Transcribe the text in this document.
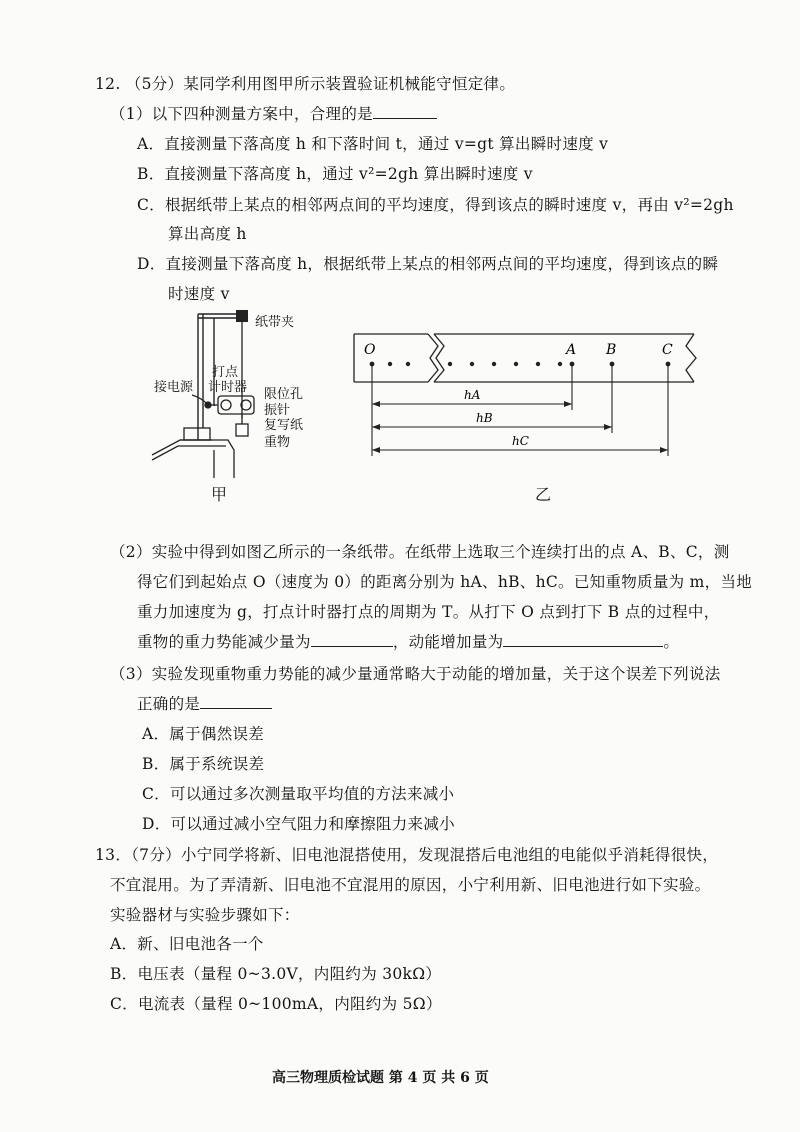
12. （5分）某同学利用图甲所示装置验证机械能守恒定律。
（1）以下四种测量方案中，合理的是
A．直接测量下落高度 h 和下落时间 t，通过 v=gt 算出瞬时速度 v
B．直接测量下落高度 h，通过 v²=2gh 算出瞬时速度 v
C．根据纸带上某点的相邻两点间的平均速度，得到该点的瞬时速度 v，再由 v²=2gh
算出高度 h
D．直接测量下落高度 h，根据纸带上某点的相邻两点间的平均速度，得到该点的瞬
时速度 v
纸带夹
打点
计时器
接电源	限位孔
振针
复写纸
重物
甲
O	A B	C
hA
hB
hC
乙
（2）实验中得到如图乙所示的一条纸带。在纸带上选取三个连续打出的点 A、B、C，测
得它们到起始点 O（速度为 0）的距离分别为 hA、hB、hC。已知重物质量为 m，当地
重力加速度为 g，打点计时器打点的周期为 T。从打下 O 点到打下 B 点的过程中，
重物的重力势能减少量为	，动能增加量为	。
（3）实验发现重物重力势能的减少量通常略大于动能的增加量，关于这个误差下列说法
正确的是
A．属于偶然误差
B．属于系统误差
C．可以通过多次测量取平均值的方法来减小
D．可以通过减小空气阻力和摩擦阻力来减小
13．（7分）小宁同学将新、旧电池混搭使用，发现混搭后电池组的电能似乎消耗得很快，
不宜混用。为了弄清新、旧电池不宜混用的原因，小宁利用新、旧电池进行如下实验。
实验器材与实验步骤如下：
A．新、旧电池各一个
B．电压表（量程 0~3.0V，内阻约为 30kΩ）
C．电流表（量程 0~100mA，内阻约为 5Ω）
高三物理质检试题 第 4 页 共 6 页
